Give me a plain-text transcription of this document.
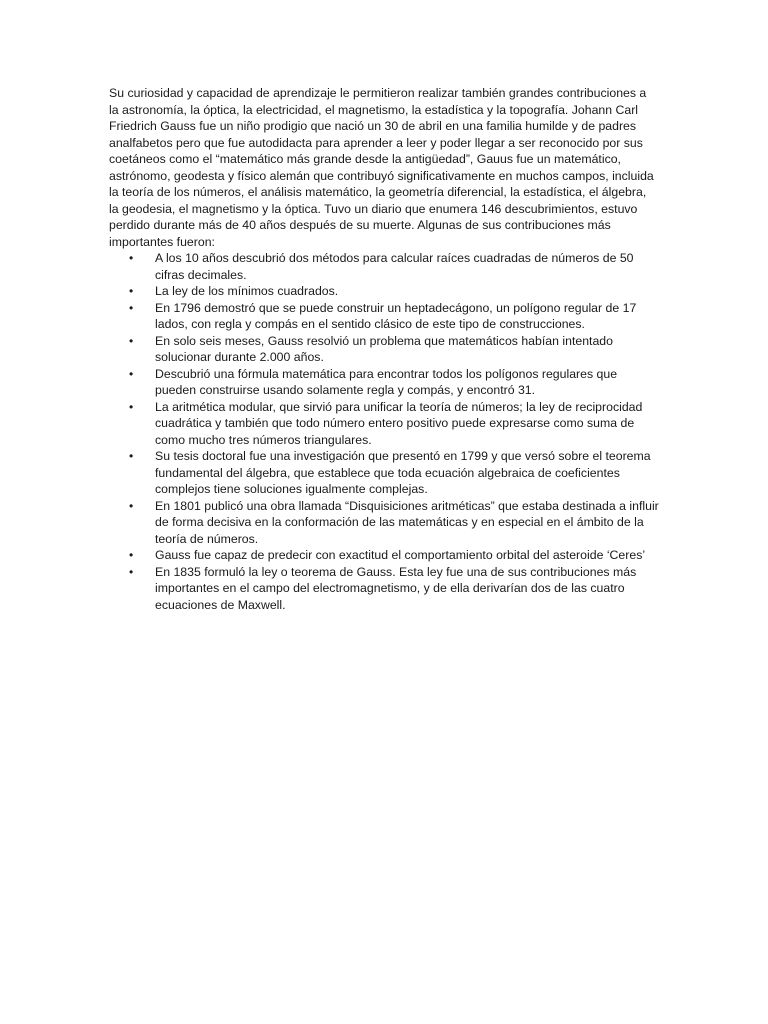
Su curiosidad y capacidad de aprendizaje le permitieron realizar también grandes contribuciones a la astronomía, la óptica, la electricidad, el magnetismo, la estadística y la topografía. Johann Carl Friedrich Gauss fue un niño prodigio que nació un 30 de abril en una familia humilde y de padres analfabetos pero que fue autodidacta para aprender a leer y poder llegar a ser reconocido por sus coetáneos como el “matemático más grande desde la antigüedad”, Gauus fue un matemático, astrónomo, geodesta y físico alemán que contribuyó significativamente en muchos campos, incluida la teoría de los números, el análisis matemático, la geometría diferencial, la estadística, el álgebra, la geodesia, el magnetismo y la óptica. Tuvo un diario que enumera 146 descubrimientos, estuvo perdido durante más de 40 años después de su muerte. Algunas de sus contribuciones más importantes fueron:

• A los 10 años descubrió dos métodos para calcular raíces cuadradas de números de 50 cifras decimales.
• La ley de los mínimos cuadrados.
• En 1796 demostró que se puede construir un heptadecágono, un polígono regular de 17 lados, con regla y compás en el sentido clásico de este tipo de construcciones.
• En solo seis meses, Gauss resolvió un problema que matemáticos habían intentado solucionar durante 2.000 años.
• Descubrió una fórmula matemática para encontrar todos los polígonos regulares que pueden construirse usando solamente regla y compás, y encontró 31.
• La aritmética modular, que sirvió para unificar la teoría de números; la ley de reciprocidad cuadrática y también que todo número entero positivo puede expresarse como suma de como mucho tres números triangulares.
• Su tesis doctoral fue una investigación que presentó en 1799 y que versó sobre el teorema fundamental del álgebra, que establece que toda ecuación algebraica de coeficientes complejos tiene soluciones igualmente complejas.
• En 1801 publicó una obra llamada “Disquisiciones aritméticas” que estaba destinada a influir de forma decisiva en la conformación de las matemáticas y en especial en el ámbito de la teoría de números.
• Gauss fue capaz de predecir con exactitud el comportamiento orbital del asteroide ‘Ceres’
• En 1835 formuló la ley o teorema de Gauss. Esta ley fue una de sus contribuciones más importantes en el campo del electromagnetismo, y de ella derivarían dos de las cuatro ecuaciones de Maxwell.
